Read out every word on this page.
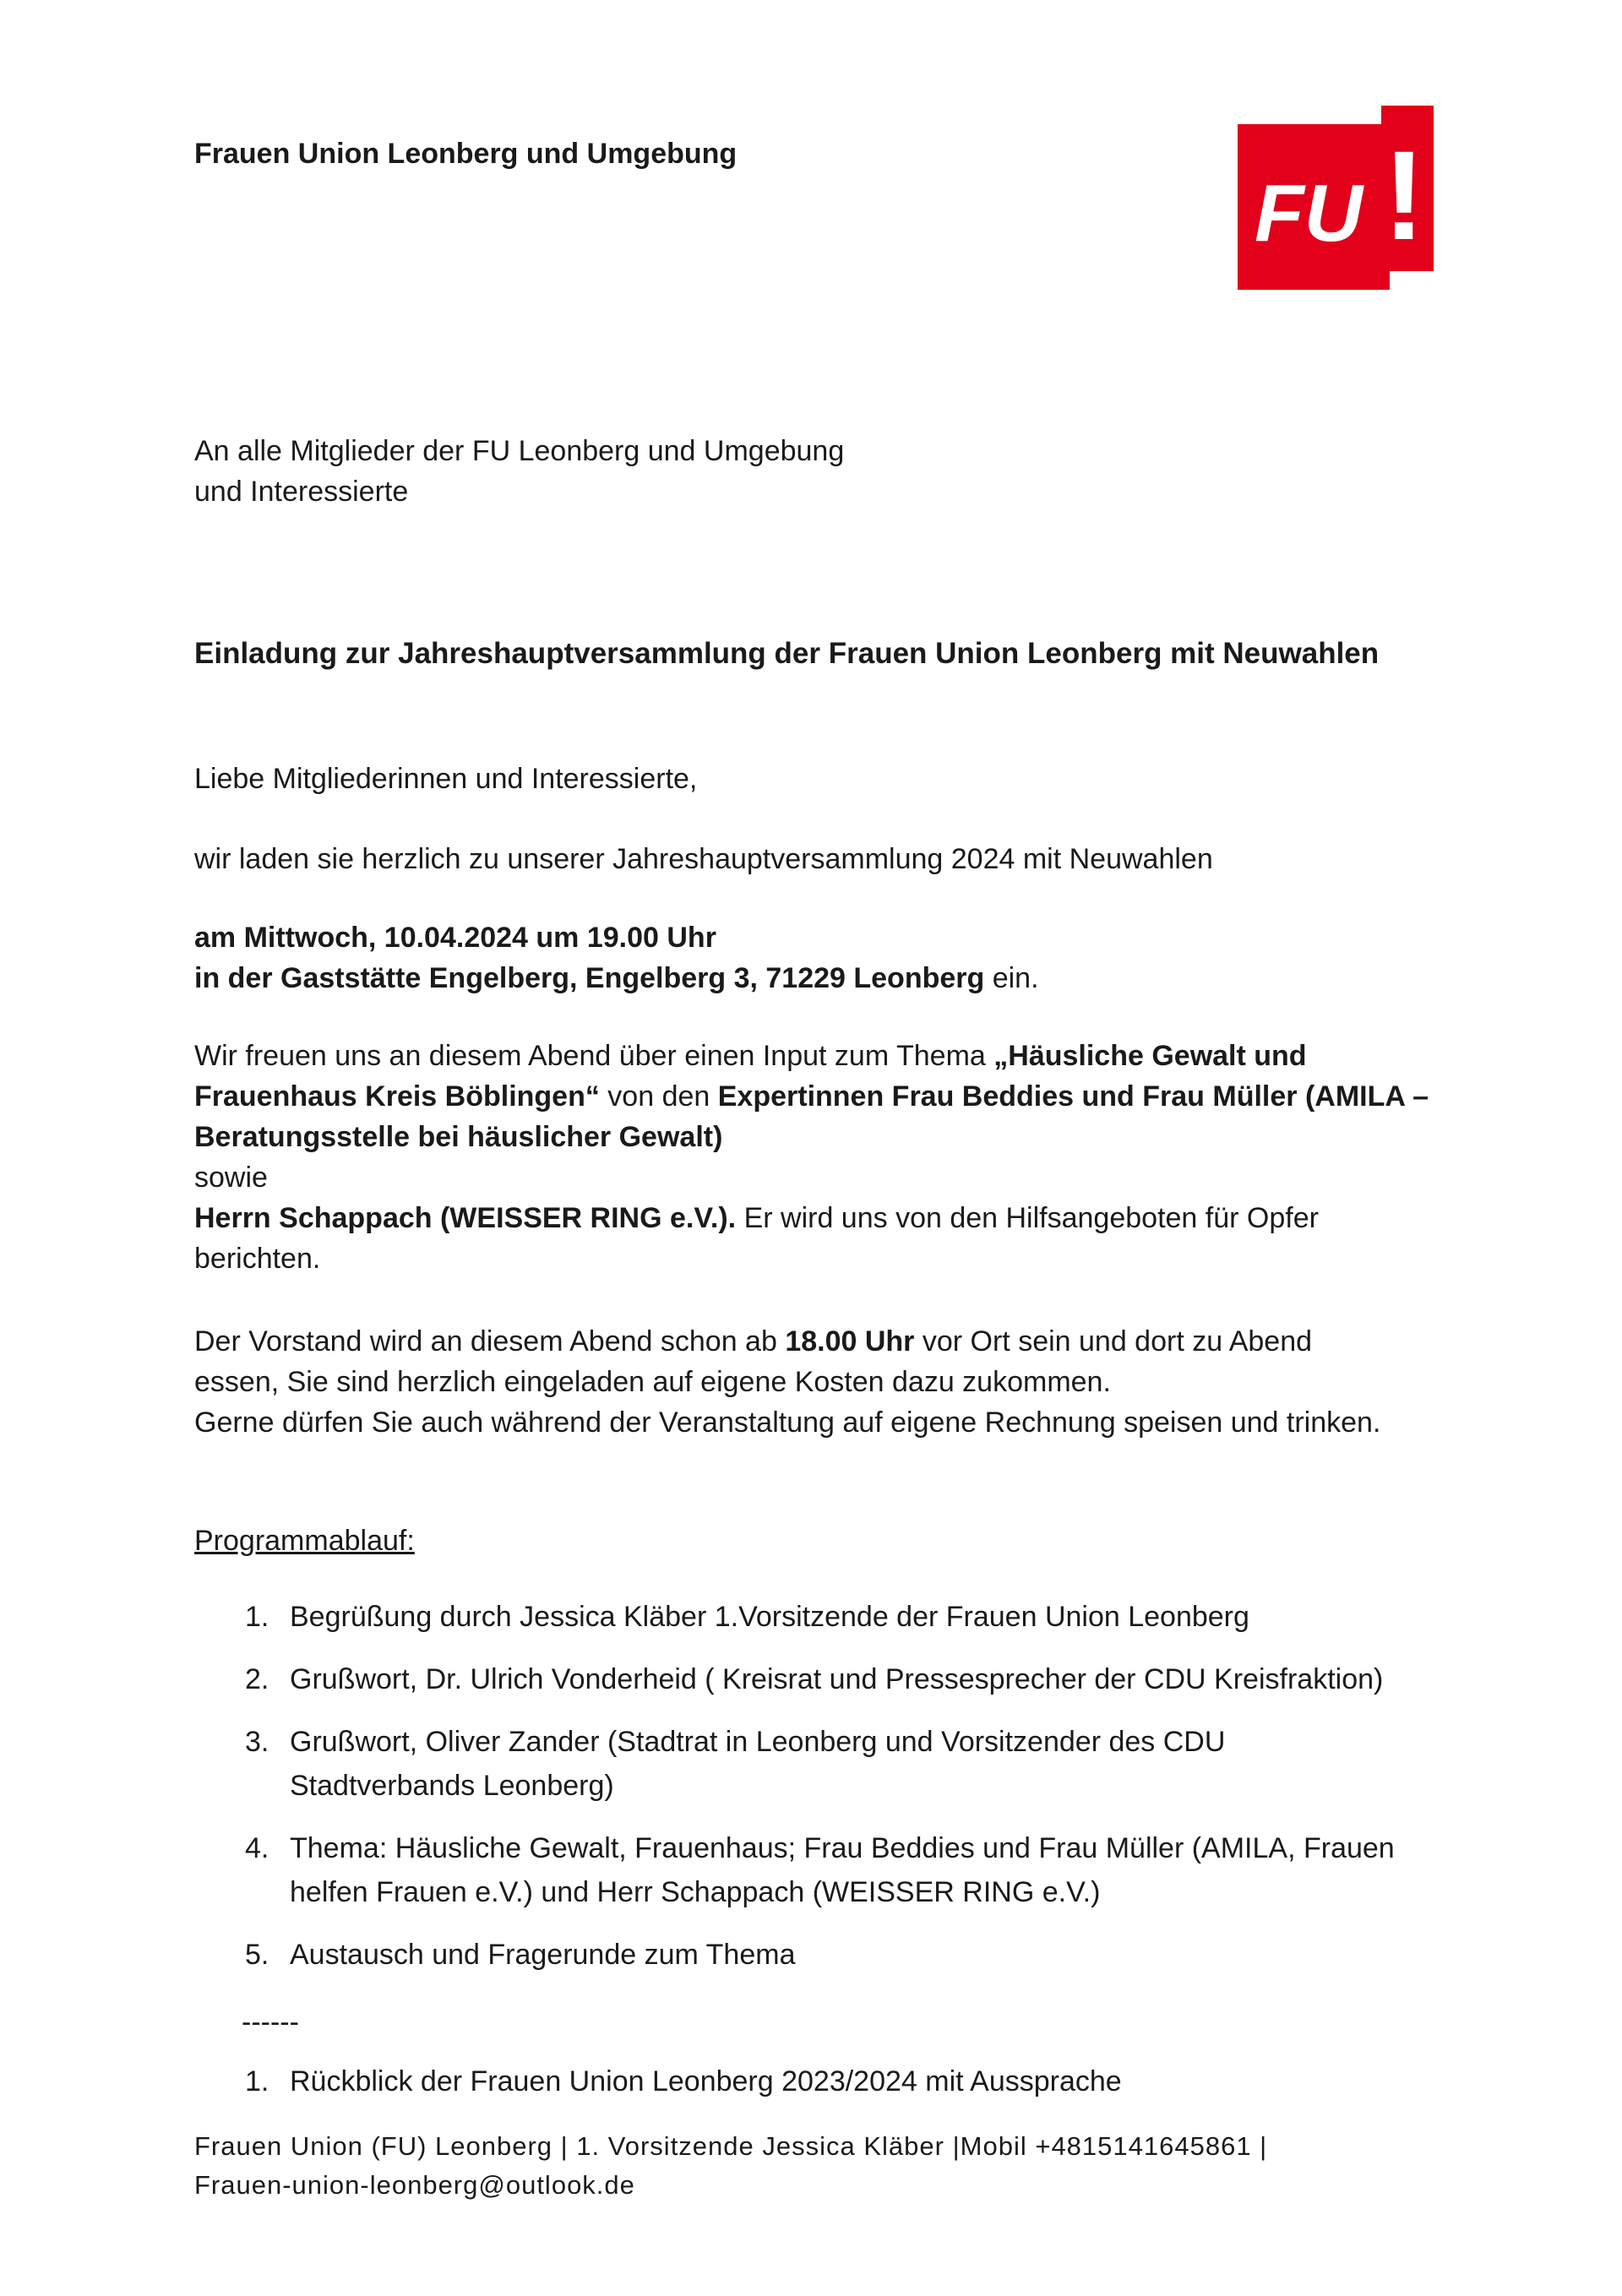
Frauen Union Leonberg und Umgebung
FU !
An alle Mitglieder der FU Leonberg und Umgebung
und Interessierte
Einladung zur Jahreshauptversammlung der Frauen Union Leonberg mit Neuwahlen
Liebe Mitgliederinnen und Interessierte,
wir laden sie herzlich zu unserer Jahreshauptversammlung 2024 mit Neuwahlen
am Mittwoch, 10.04.2024 um 19.00 Uhr
in der Gaststätte Engelberg, Engelberg 3, 71229 Leonberg ein.
Wir freuen uns an diesem Abend über einen Input zum Thema „Häusliche Gewalt und
Frauenhaus Kreis Böblingen“ von den Expertinnen Frau Beddies und Frau Müller (AMILA –
Beratungsstelle bei häuslicher Gewalt)
sowie
Herrn Schappach (WEISSER RING e.V.). Er wird uns von den Hilfsangeboten für Opfer
berichten.
Der Vorstand wird an diesem Abend schon ab 18.00 Uhr vor Ort sein und dort zu Abend
essen, Sie sind herzlich eingeladen auf eigene Kosten dazu zukommen.
Gerne dürfen Sie auch während der Veranstaltung auf eigene Rechnung speisen und trinken.
Programmablauf:
1. Begrüßung durch Jessica Kläber 1.Vorsitzende der Frauen Union Leonberg
2. Grußwort, Dr. Ulrich Vonderheid ( Kreisrat und Pressesprecher der CDU Kreisfraktion)
3. Grußwort, Oliver Zander (Stadtrat in Leonberg und Vorsitzender des CDU
Stadtverbands Leonberg)
4. Thema: Häusliche Gewalt, Frauenhaus; Frau Beddies und Frau Müller (AMILA, Frauen
helfen Frauen e.V.) und Herr Schappach (WEISSER RING e.V.)
5. Austausch und Fragerunde zum Thema
------
1. Rückblick der Frauen Union Leonberg 2023/2024 mit Aussprache
Frauen Union (FU) Leonberg | 1. Vorsitzende Jessica Kläber |Mobil +4815141645861 |
Frauen-union-leonberg@outlook.de
